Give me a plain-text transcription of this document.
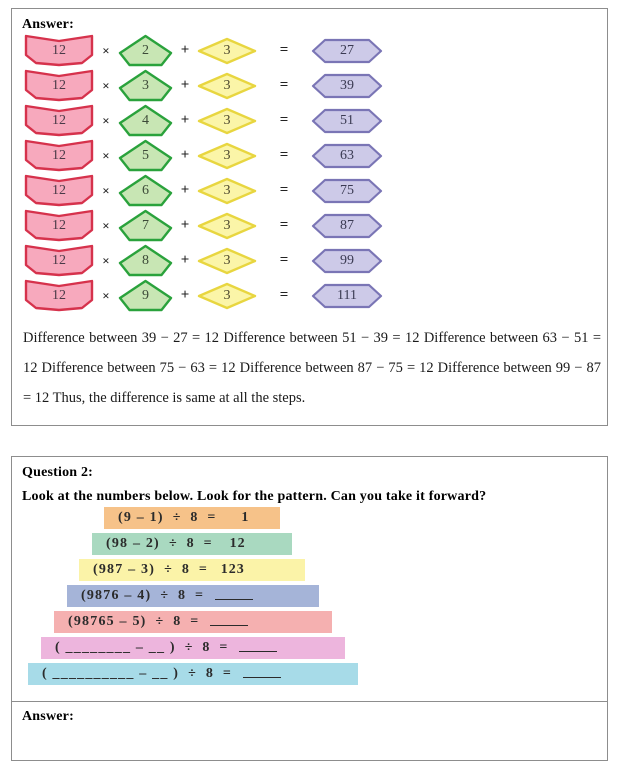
Answer:
12	×	2	+	3	=	27
12	×	3	+	3	=	39
12	×	4	+	3	=	51
12	×	5	+	3	=	63
12	×	6	+	3	=	75
12	×	7	+	3	=	87
12	×	8	+	3	=	99
12	×	9	+	3	=	111
Difference between 39 − 27 = 12 Difference between 51 − 39 = 12 Difference between 63 − 51 = 12 Difference between 75 − 63 = 12 Difference between 87 − 75 = 12 Difference between 99 − 87 = 12 Thus, the difference is same at all the steps.
Question 2:
Look at the numbers below. Look for the pattern. Can you take it forward?
(9 – 1) ÷ 8 =	1
(98 – 2) ÷ 8 =	12
(987 – 3) ÷ 8 =	123
(9876 – 4) ÷ 8 =
(98765 – 5) ÷ 8 =
( ________ – __ ) ÷ 8 =
( __________ – __ ) ÷ 8 =
Answer:
